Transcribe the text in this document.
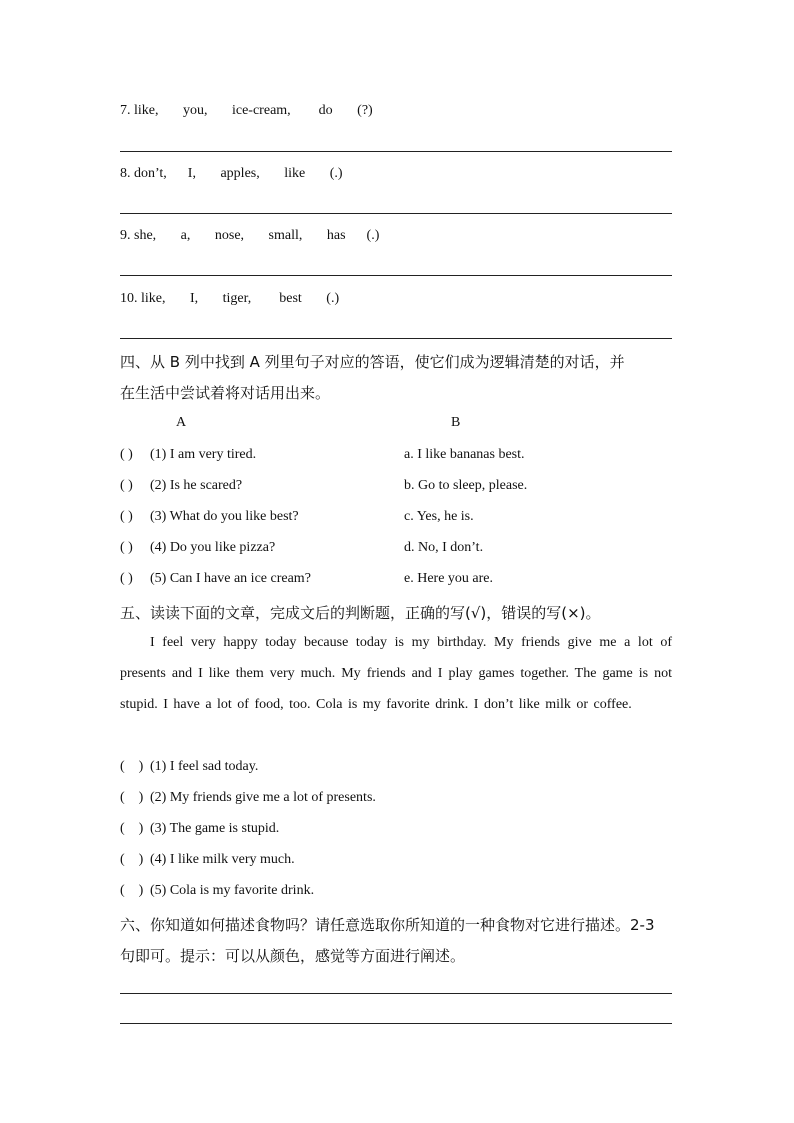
7. like,       you,       ice-cream,        do       (?)
8. don’t,      I,       apples,       like       (.)
9. she,       a,       nose,       small,       has      (.)
10. like,       I,       tiger,        best       (.)
四、从 B 列中找到 A 列里句子对应的答语，使它们成为逻辑清楚的对话，并
在生活中尝试着将对话用出来。
A	B
( ) (1) I am very tired.	a. I like bananas best.
( ) (2) Is he scared?	b. Go to sleep, please.
( ) (3) What do you like best?	c. Yes, he is.
( ) (4) Do you like pizza?	d. No, I don’t.
( ) (5) Can I have an ice cream?	e. Here you are.
五、读读下面的文章，完成文后的判断题，正确的写(√)，错误的写(×)。
I feel very happy today because today is my birthday. My friends give me a lot of presents and I like them very much. My friends and I play games together. The game is not stupid. I have a lot of food, too. Cola is my favorite drink. I don’t like milk or coffee.
(    ) (1) I feel sad today.
(    ) (2) My friends give me a lot of presents.
(    ) (3) The game is stupid.
(    ) (4) I like milk very much.
(    ) (5) Cola is my favorite drink.
六、你知道如何描述食物吗？请任意选取你所知道的一种食物对它进行描述。2-3
句即可。提示：可以从颜色，感觉等方面进行阐述。
